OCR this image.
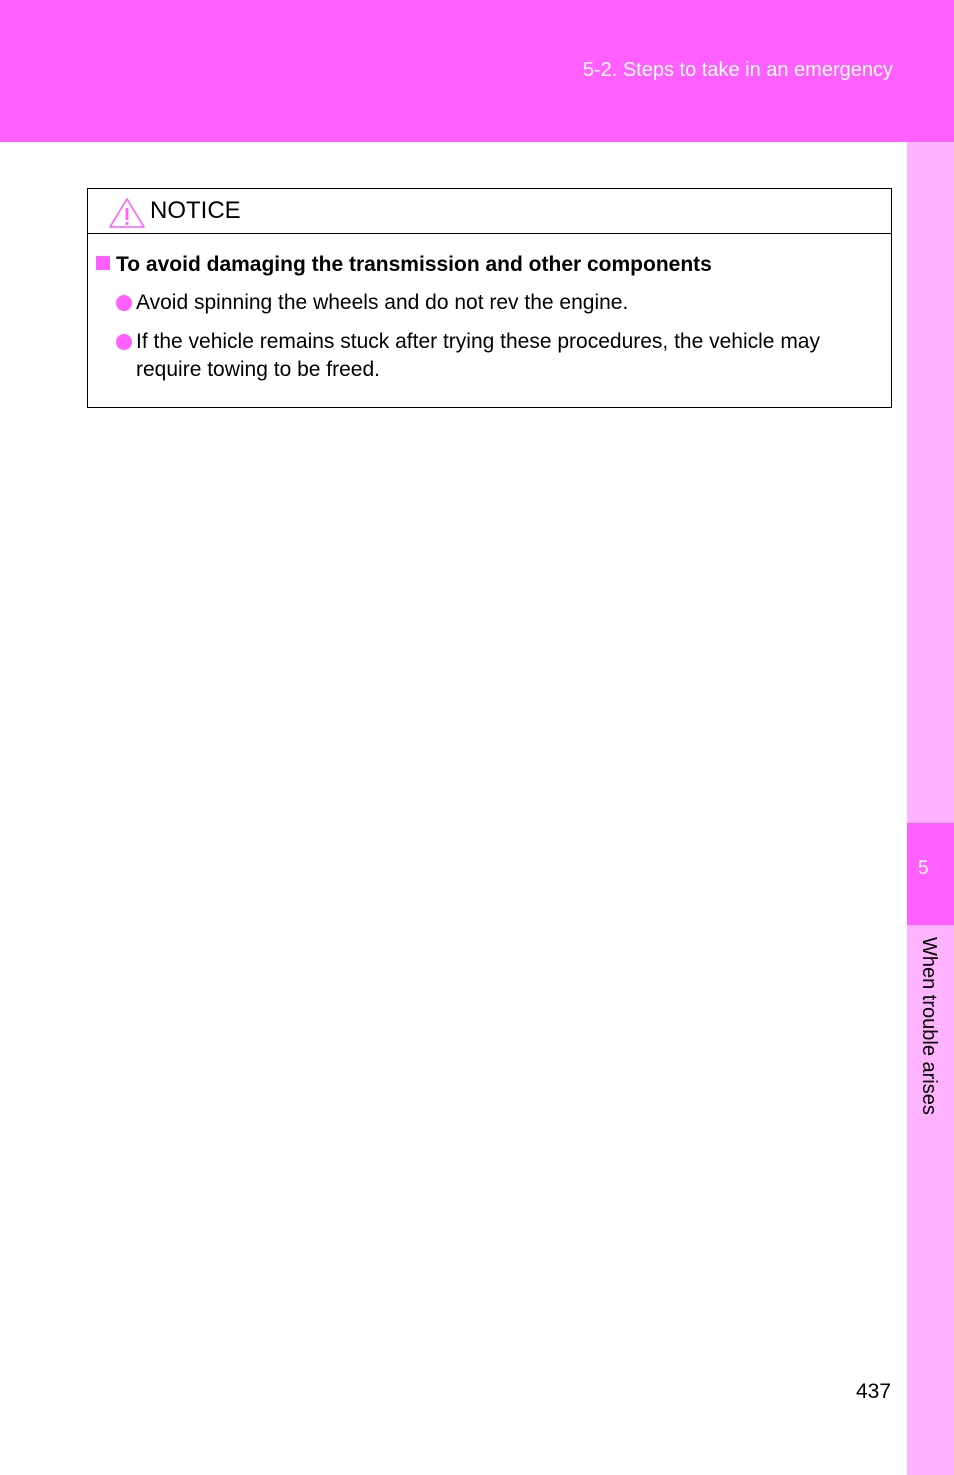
5-2. Steps to take in an emergency
5
When trouble arises
NOTICE
To avoid damaging the transmission and other components
Avoid spinning the wheels and do not rev the engine.
If the vehicle remains stuck after trying these procedures, the vehicle may require towing to be freed.
437
